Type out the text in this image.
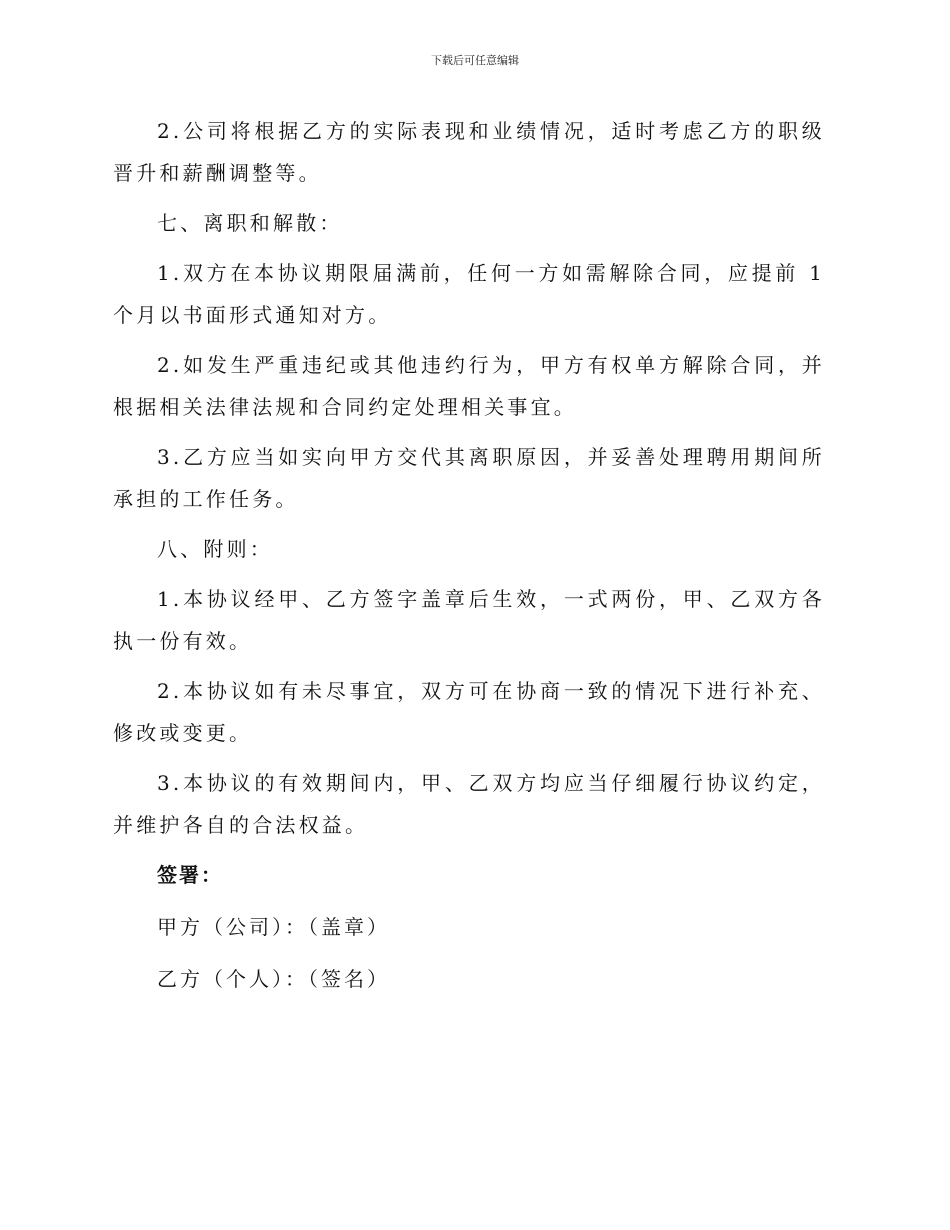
下载后可任意编辑

2.公司将根据乙方的实际表现和业绩情况，适时考虑乙方的职级晋升和薪酬调整等。

七、离职和解散：

1.双方在本协议期限届满前，任何一方如需解除合同，应提前 1 个月以书面形式通知对方。

2.如发生严重违纪或其他违约行为，甲方有权单方解除合同，并根据相关法律法规和合同约定处理相关事宜。

3.乙方应当如实向甲方交代其离职原因，并妥善处理聘用期间所承担的工作任务。

八、附则：

1.本协议经甲、乙方签字盖章后生效，一式两份，甲、乙双方各执一份有效。

2.本协议如有未尽事宜，双方可在协商一致的情况下进行补充、修改或变更。

3.本协议的有效期间内，甲、乙双方均应当仔细履行协议约定，并维护各自的合法权益。

签署：
甲方（公司）：（盖章）
乙方（个人）：（签名）
